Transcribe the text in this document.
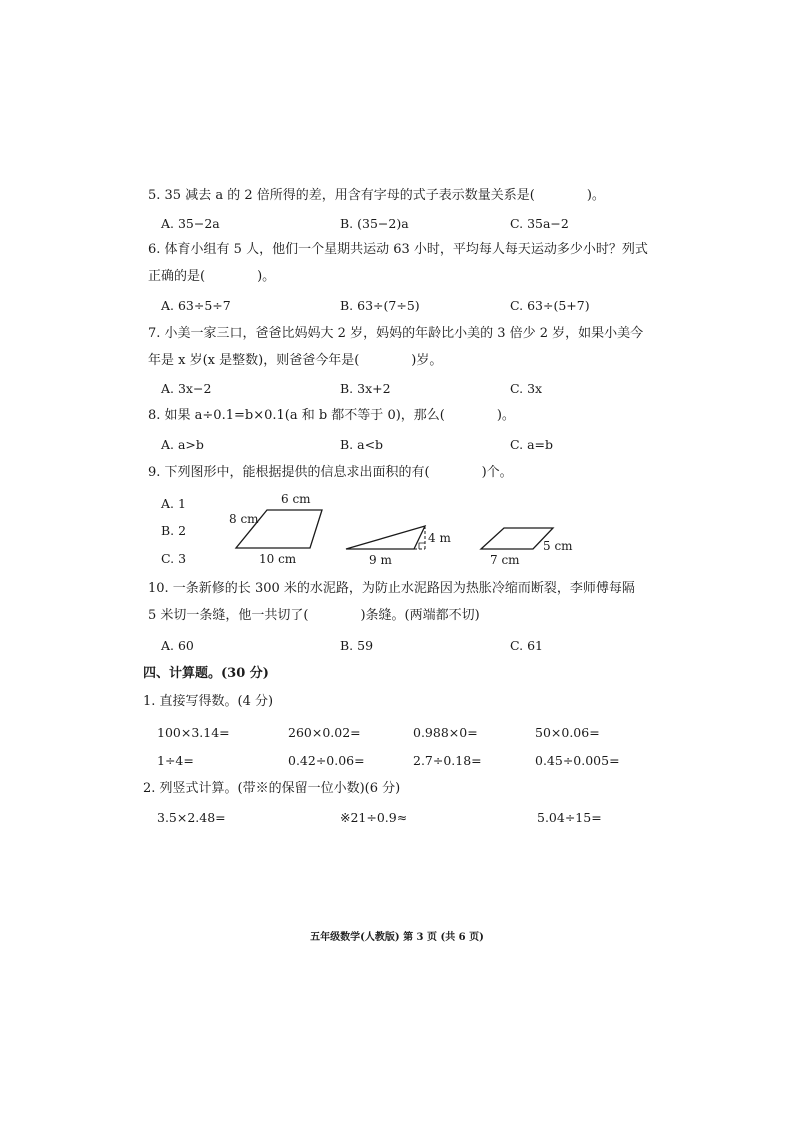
5. 35 减去 a 的 2 倍所得的差，用含有字母的式子表示数量关系是(　　　　)。
A. 35−2a	B. (35−2)a	C. 35a−2
6. 体育小组有 5 人，他们一个星期共运动 63 小时，平均每人每天运动多少小时？列式
正确的是(　　　　)。
A. 63÷5÷7	B. 63÷(7÷5)	C. 63÷(5+7)
7. 小美一家三口，爸爸比妈妈大 2 岁，妈妈的年龄比小美的 3 倍少 2 岁，如果小美今
年是 x 岁(x 是整数)，则爸爸今年是(　　　　)岁。
A. 3x−2	B. 3x+2	C. 3x
8. 如果 a÷0.1=b×0.1(a 和 b 都不等于 0)，那么(　　　　)。
A. a>b	B. a<b	C. a=b
9. 下列图形中，能根据提供的信息求出面积的有(　　　　)个。
A. 1
B. 2
C. 3
6 cm
8 cm
10 cm
4 m
9 m
5 cm
7 cm
10. 一条新修的长 300 米的水泥路，为防止水泥路因为热胀冷缩而断裂，李师傅每隔
5 米切一条缝，他一共切了(　　　　)条缝。(两端都不切)
A. 60	B. 59	C. 61
四、计算题。(30 分)
1. 直接写得数。(4 分)
100×3.14=	260×0.02=	0.988×0=	50×0.06=
1÷4=	0.42÷0.06=	2.7÷0.18=	0.45÷0.005=
2. 列竖式计算。(带※的保留一位小数)(6 分)
3.5×2.48=	※21÷0.9≈	5.04÷15=
五年级数学(人教版) 第 3 页 (共 6 页)
